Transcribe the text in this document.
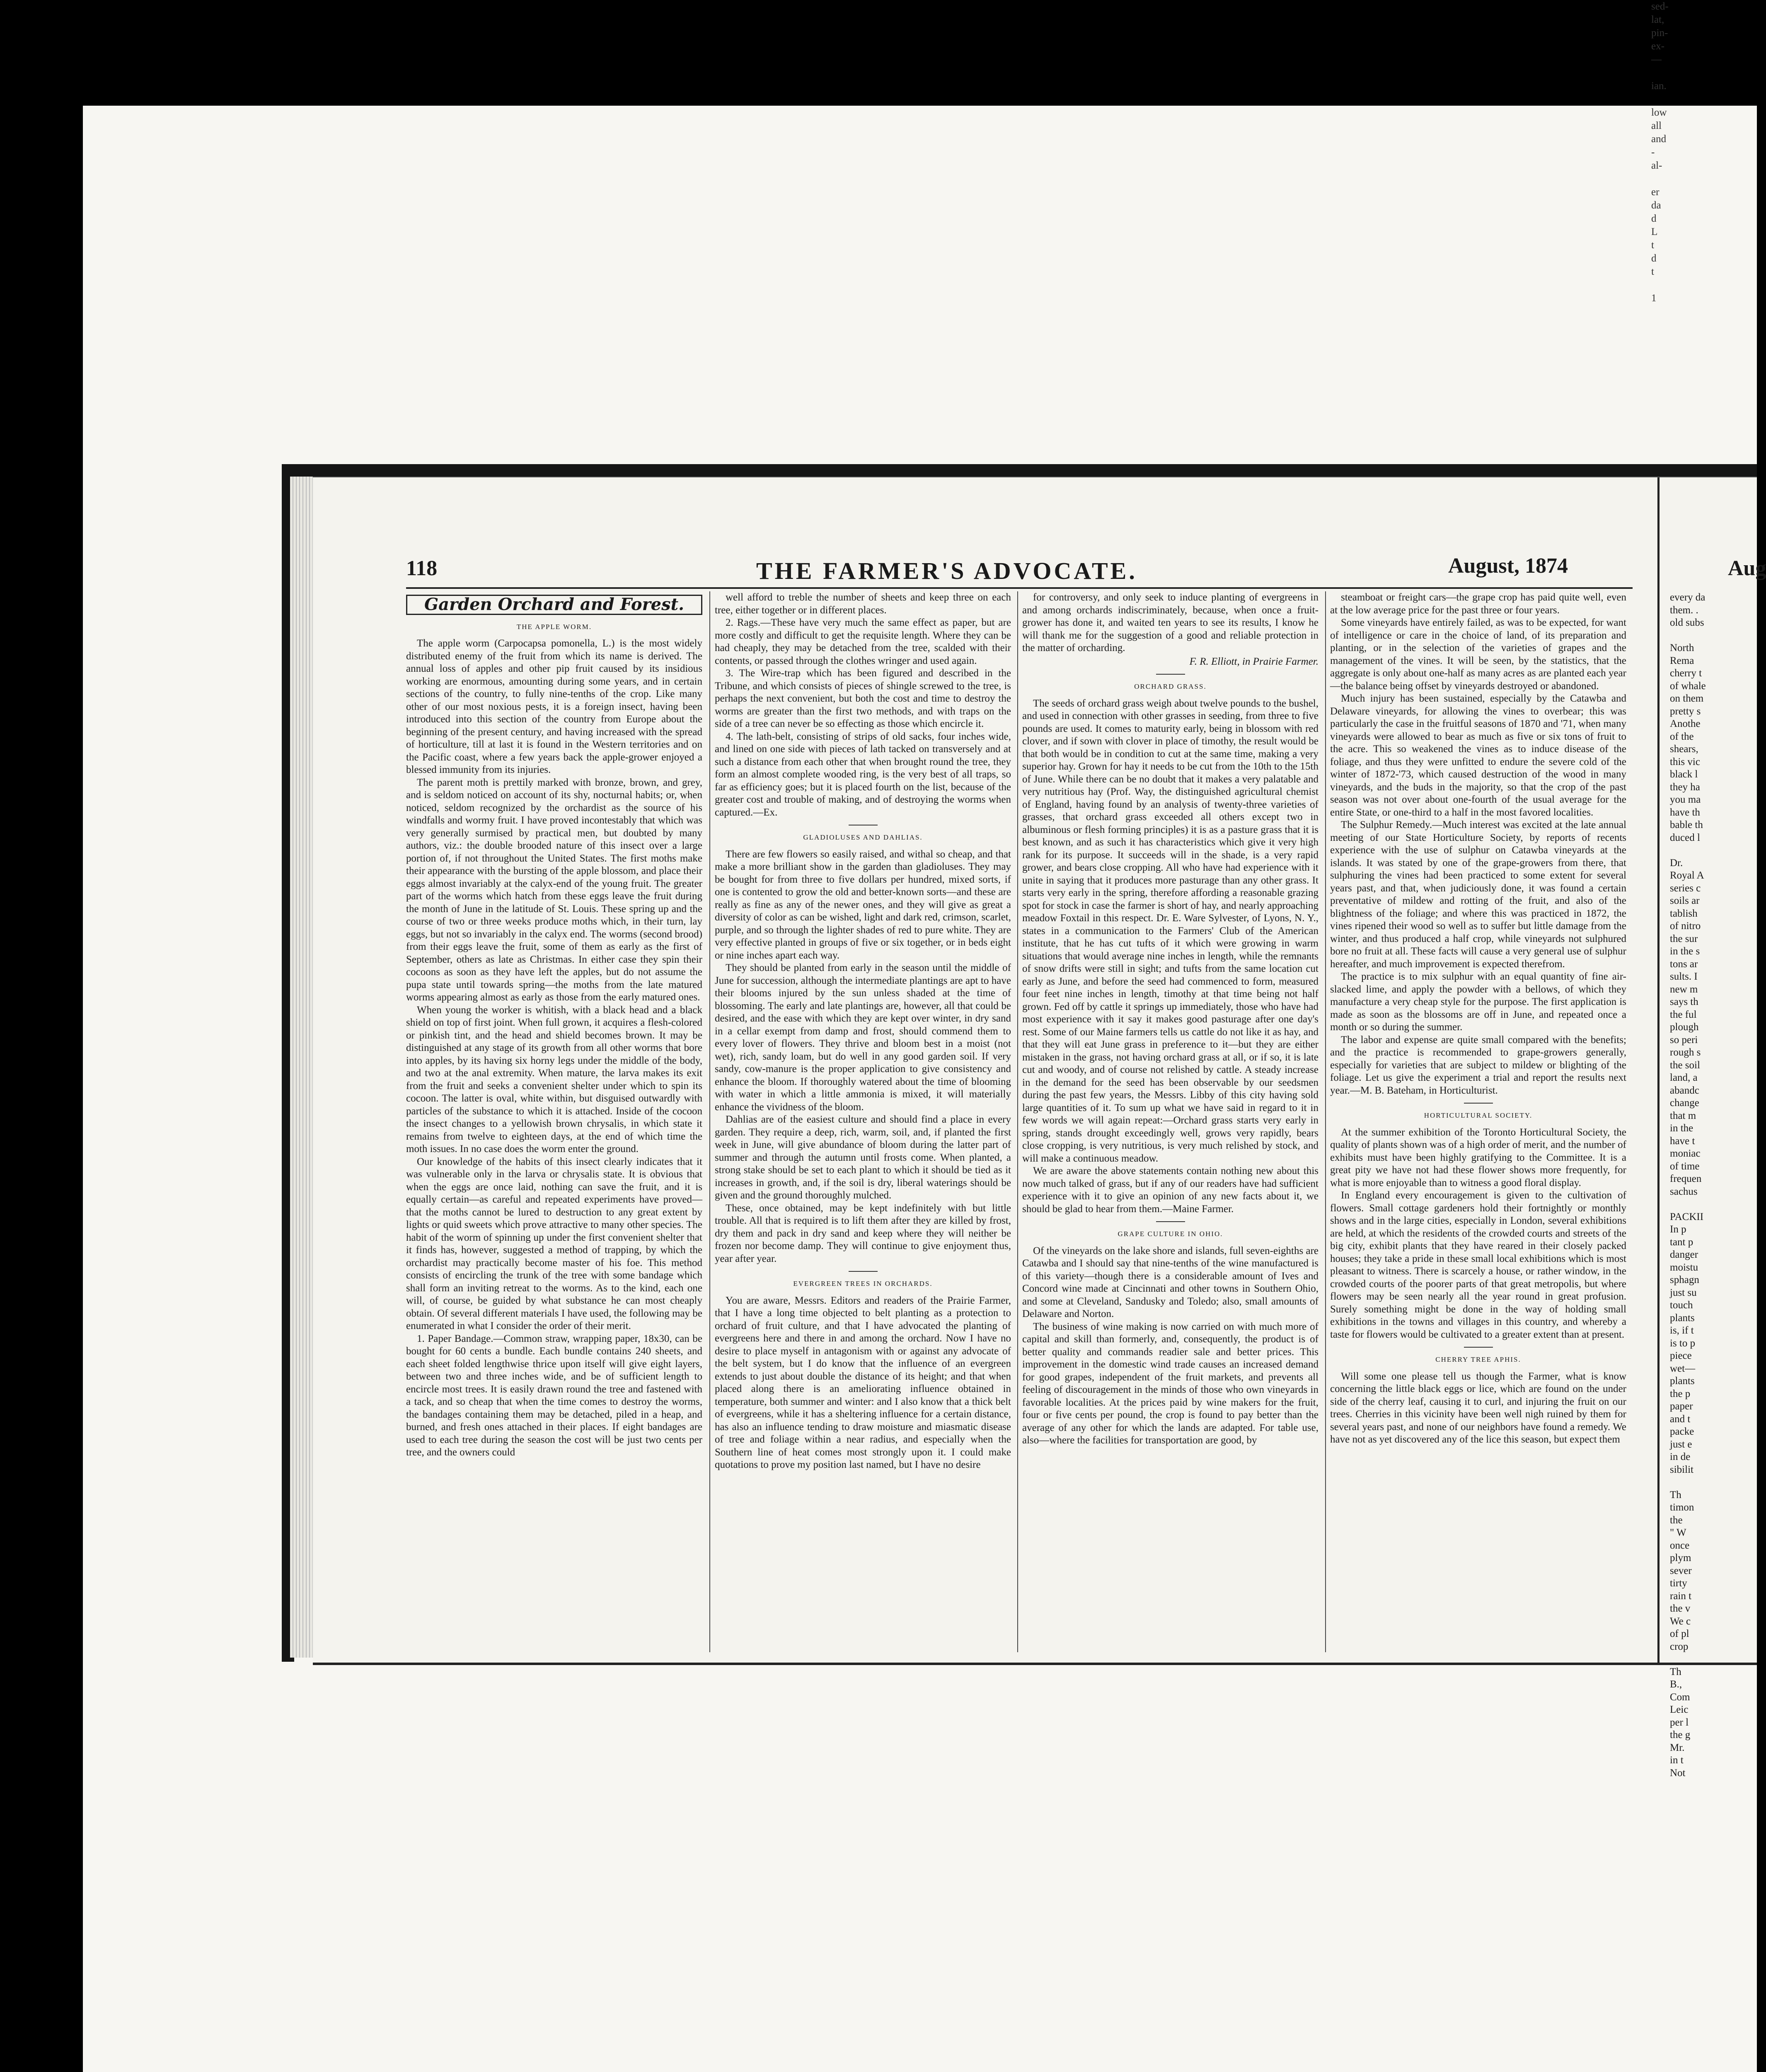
sed-
lat,
pin-
ex-
—

ian.

low
all
and
-
al-

er
da
d
L
t
d
t

1
118	THE FARMER'S ADVOCATE.	August, 1874
Garden Orchard and Forest.

THE APPLE WORM.

The apple worm (Carpocapsa pomonella, L.) is the most widely distributed enemy of the fruit from which its name is derived. The annual loss of apples and other pip fruit caused by its insidious working are enormous, amounting during some years, and in certain sections of the country, to fully nine-tenths of the crop. Like many other of our most noxious pests, it is a foreign insect, having been introduced into this section of the country from Europe about the beginning of the present century, and having increased with the spread of horticulture, till at last it is found in the Western territories and on the Pacific coast, where a few years back the apple-grower enjoyed a blessed immunity from its injuries.

The parent moth is prettily marked with bronze, brown, and grey, and is seldom noticed on account of its shy, nocturnal habits; or, when noticed, seldom recognized by the orchardist as the source of his windfalls and wormy fruit. I have proved incontestably that which was very generally surmised by practical men, but doubted by many authors, viz.: the double brooded nature of this insect over a large portion of, if not throughout the United States. The first moths make their appearance with the bursting of the apple blossom, and place their eggs almost invariably at the calyx-end of the young fruit. The greater part of the worms which hatch from these eggs leave the fruit during the month of June in the latitude of St. Louis. These spring up and the course of two or three weeks produce moths which, in their turn, lay eggs, but not so invariably in the calyx end. The worms (second brood) from their eggs leave the fruit, some of them as early as the first of September, others as late as Christmas. In either case they spin their cocoons as soon as they have left the apples, but do not assume the pupa state until towards spring—the moths from the late matured worms appearing almost as early as those from the early matured ones.

When young the worker is whitish, with a black head and a black shield on top of first joint. When full grown, it acquires a flesh-colored or pinkish tint, and the head and shield becomes brown. It may be distinguished at any stage of its growth from all other worms that bore into apples, by its having six horny legs under the middle of the body, and two at the anal extremity. When mature, the larva makes its exit from the fruit and seeks a convenient shelter under which to spin its cocoon. The latter is oval, white within, but disguised outwardly with particles of the substance to which it is attached. Inside of the cocoon the insect changes to a yellowish brown chrysalis, in which state it remains from twelve to eighteen days, at the end of which time the moth issues. In no case does the worm enter the ground.

Our knowledge of the habits of this insect clearly indicates that it was vulnerable only in the larva or chrysalis state. It is obvious that when the eggs are once laid, nothing can save the fruit, and it is equally certain—as careful and repeated experiments have proved—that the moths cannot be lured to destruction to any great extent by lights or quid sweets which prove attractive to many other species. The habit of the worm of spinning up under the first convenient shelter that it finds has, however, suggested a method of trapping, by which the orchardist may practically become master of his foe. This method consists of encircling the trunk of the tree with some bandage which shall form an inviting retreat to the worms. As to the kind, each one will, of course, be guided by what substance he can most cheaply obtain. Of several different materials I have used, the following may be enumerated in what I consider the order of their merit.

1. Paper Bandage.—Common straw, wrapping paper, 18x30, can be bought for 60 cents a bundle. Each bundle contains 240 sheets, and each sheet folded lengthwise thrice upon itself will give eight layers, between two and three inches wide, and be of sufficient length to encircle most trees. It is easily drawn round the tree and fastened with a tack, and so cheap that when the time comes to destroy the worms, the bandages containing them may be detached, piled in a heap, and burned, and fresh ones attached in their places. If eight bandages are used to each tree during the season the cost will be just two cents per tree, and the owners could

well afford to treble the number of sheets and keep three on each tree, either together or in different places.

2. Rags.—These have very much the same effect as paper, but are more costly and difficult to get the requisite length. Where they can be had cheaply, they may be detached from the tree, scalded with their contents, or passed through the clothes wringer and used again.

3. The Wire-trap which has been figured and described in the Tribune, and which consists of pieces of shingle screwed to the tree, is perhaps the next convenient, but both the cost and time to destroy the worms are greater than the first two methods, and with traps on the side of a tree can never be so effecting as those which encircle it.

4. The lath-belt, consisting of strips of old sacks, four inches wide, and lined on one side with pieces of lath tacked on transversely and at such a distance from each other that when brought round the tree, they form an almost complete wooded ring, is the very best of all traps, so far as efficiency goes; but it is placed fourth on the list, because of the greater cost and trouble of making, and of destroying the worms when captured.—Ex.

GLADIOLUSES AND DAHLIAS.

There are few flowers so easily raised, and withal so cheap, and that make a more brilliant show in the garden than gladioluses. They may be bought for from three to five dollars per hundred, mixed sorts, if one is contented to grow the old and better-known sorts—and these are really as fine as any of the newer ones, and they will give as great a diversity of color as can be wished, light and dark red, crimson, scarlet, purple, and so through the lighter shades of red to pure white. They are very effective planted in groups of five or six together, or in beds eight or nine inches apart each way.

They should be planted from early in the season until the middle of June for succession, although the intermediate plantings are apt to have their blooms injured by the sun unless shaded at the time of blossoming. The early and late plantings are, however, all that could be desired, and the ease with which they are kept over winter, in dry sand in a cellar exempt from damp and frost, should commend them to every lover of flowers. They thrive and bloom best in a moist (not wet), rich, sandy loam, but do well in any good garden soil. If very sandy, cow-manure is the proper application to give consistency and enhance the bloom. If thoroughly watered about the time of blooming with water in which a little ammonia is mixed, it will materially enhance the vividness of the bloom.

Dahlias are of the easiest culture and should find a place in every garden. They require a deep, rich, warm, soil, and, if planted the first week in June, will give abundance of bloom during the latter part of summer and through the autumn until frosts come. When planted, a strong stake should be set to each plant to which it should be tied as it increases in growth, and, if the soil is dry, liberal waterings should be given and the ground thoroughly mulched.

These, once obtained, may be kept indefinitely with but little trouble. All that is required is to lift them after they are killed by frost, dry them and pack in dry sand and keep where they will neither be frozen nor become damp. They will continue to give enjoyment thus, year after year.

EVERGREEN TREES IN ORCHARDS.

You are aware, Messrs. Editors and readers of the Prairie Farmer, that I have a long time objected to belt planting as a protection to orchard of fruit culture, and that I have advocated the planting of evergreens here and there in and among the orchard. Now I have no desire to place myself in antagonism with or against any advocate of the belt system, but I do know that the influence of an evergreen extends to just about double the distance of its height; and that when placed along there is an ameliorating influence obtained in temperature, both summer and winter: and I also know that a thick belt of evergreens, while it has a sheltering influence for a certain distance, has also an influence tending to draw moisture and miasmatic disease of tree and foliage within a near radius, and especially when the Southern line of heat comes most strongly upon it. I could make quotations to prove my position last named, but I have no desire

for controversy, and only seek to induce planting of evergreens in and among orchards indiscriminately, because, when once a fruit-grower has done it, and waited ten years to see its results, I know he will thank me for the suggestion of a good and reliable protection in the matter of orcharding.

F. R. Elliott, in Prairie Farmer.

ORCHARD GRASS.

The seeds of orchard grass weigh about twelve pounds to the bushel, and used in connection with other grasses in seeding, from three to five pounds are used. It comes to maturity early, being in blossom with red clover, and if sown with clover in place of timothy, the result would be that both would be in condition to cut at the same time, making a very superior hay. Grown for hay it needs to be cut from the 10th to the 15th of June. While there can be no doubt that it makes a very palatable and very nutritious hay (Prof. Way, the distinguished agricultural chemist of England, having found by an analysis of twenty-three varieties of grasses, that orchard grass exceeded all others except two in albuminous or flesh forming principles) it is as a pasture grass that it is best known, and as such it has characteristics which give it very high rank for its purpose. It succeeds will in the shade, is a very rapid grower, and bears close cropping. All who have had experience with it unite in saying that it produces more pasturage than any other grass. It starts very early in the spring, therefore affording a reasonable grazing spot for stock in case the farmer is short of hay, and nearly approaching meadow Foxtail in this respect. Dr. E. Ware Sylvester, of Lyons, N. Y., states in a communication to the Farmers' Club of the American institute, that he has cut tufts of it which were growing in warm situations that would average nine inches in length, while the remnants of snow drifts were still in sight; and tufts from the same location cut early as June, and before the seed had commenced to form, measured four feet nine inches in length, timothy at that time being not half grown. Fed off by cattle it springs up immediately, those who have had most experience with it say it makes good pasturage after one day's rest. Some of our Maine farmers tells us cattle do not like it as hay, and that they will eat June grass in preference to it—but they are either mistaken in the grass, not having orchard grass at all, or if so, it is late cut and woody, and of course not relished by cattle. A steady increase in the demand for the seed has been observable by our seedsmen during the past few years, the Messrs. Libby of this city having sold large quantities of it. To sum up what we have said in regard to it in few words we will again repeat:—Orchard grass starts very early in spring, stands drought exceedingly well, grows very rapidly, bears close cropping, is very nutritious, is very much relished by stock, and will make a continuous meadow.

We are aware the above statements contain nothing new about this now much talked of grass, but if any of our readers have had sufficient experience with it to give an opinion of any new facts about it, we should be glad to hear from them.—Maine Farmer.

GRAPE CULTURE IN OHIO.

Of the vineyards on the lake shore and islands, full seven-eighths are Catawba and I should say that nine-tenths of the wine manufactured is of this variety—though there is a considerable amount of Ives and Concord wine made at Cincinnati and other towns in Southern Ohio, and some at Cleveland, Sandusky and Toledo; also, small amounts of Delaware and Norton.

The business of wine making is now carried on with much more of capital and skill than formerly, and, consequently, the product is of better quality and commands readier sale and better prices. This improvement in the domestic wind trade causes an increased demand for good grapes, independent of the fruit markets, and prevents all feeling of discouragement in the minds of those who own vineyards in favorable localities. At the prices paid by wine makers for the fruit, four or five cents per pound, the crop is found to pay better than the average of any other for which the lands are adapted. For table use, also—where the facilities for transportation are good, by

steamboat or freight cars—the grape crop has paid quite well, even at the low average price for the past three or four years.

Some vineyards have entirely failed, as was to be expected, for want of intelligence or care in the choice of land, of its preparation and planting, or in the selection of the varieties of grapes and the management of the vines. It will be seen, by the statistics, that the aggregate is only about one-half as many acres as are planted each year—the balance being offset by vineyards destroyed or abandoned.

Much injury has been sustained, especially by the Catawba and Delaware vineyards, for allowing the vines to overbear; this was particularly the case in the fruitful seasons of 1870 and '71, when many vineyards were allowed to bear as much as five or six tons of fruit to the acre. This so weakened the vines as to induce disease of the foliage, and thus they were unfitted to endure the severe cold of the winter of 1872-'73, which caused destruction of the wood in many vineyards, and the buds in the majority, so that the crop of the past season was not over about one-fourth of the usual average for the entire State, or one-third to a half in the most favored localities.

The Sulphur Remedy.—Much interest was excited at the late annual meeting of our State Horticulture Society, by reports of recents experience with the use of sulphur on Catawba vineyards at the islands. It was stated by one of the grape-growers from there, that sulphuring the vines had been practiced to some extent for several years past, and that, when judiciously done, it was found a certain preventative of mildew and rotting of the fruit, and also of the blightness of the foliage; and where this was practiced in 1872, the vines ripened their wood so well as to suffer but little damage from the winter, and thus produced a half crop, while vineyards not sulphured bore no fruit at all. These facts will cause a very general use of sulphur hereafter, and much improvement is expected therefrom.

The practice is to mix sulphur with an equal quantity of fine air-slacked lime, and apply the powder with a bellows, of which they manufacture a very cheap style for the purpose. The first application is made as soon as the blossoms are off in June, and repeated once a month or so during the summer.

The labor and expense are quite small compared with the benefits; and the practice is recommended to grape-growers generally, especially for varieties that are subject to mildew or blighting of the foliage. Let us give the experiment a trial and report the results next year.—M. B. Bateham, in Horticulturist.

HORTICULTURAL SOCIETY.

At the summer exhibition of the Toronto Horticultural Society, the quality of plants shown was of a high order of merit, and the number of exhibits must have been highly gratifying to the Committee. It is a great pity we have not had these flower shows more frequently, for what is more enjoyable than to witness a good floral display.

In England every encouragement is given to the cultivation of flowers. Small cottage gardeners hold their fortnightly or monthly shows and in the large cities, especially in London, several exhibitions are held, at which the residents of the crowded courts and streets of the big city, exhibit plants that they have reared in their closely packed houses; they take a pride in these small local exhibitions which is most pleasant to witness. There is scarcely a house, or rather window, in the crowded courts of the poorer parts of that great metropolis, but where flowers may be seen nearly all the year round in great profusion. Surely something might be done in the way of holding small exhibitions in the towns and villages in this country, and whereby a taste for flowers would be cultivated to a greater extent than at present.

CHERRY TREE APHIS.

Will some one please tell us though the Farmer, what is know concerning the little black eggs or lice, which are found on the under side of the cherry leaf, causing it to curl, and injuring the fruit on our trees. Cherries in this vicinity have been well nigh ruined by them for several years past, and none of our neighbors have found a remedy. We have not as yet discovered any of the lice this season, but expect them

Aug
every da
them. .
old subs

North
Rema
cherry t
of whale
on them
pretty s
Anothe
of the
shears,
this vic
black l
they ha
you ma
have th
bable th
duced l

Dr.
Royal A
series c
soils ar
tablish
of nitro
the sur
in the s
tons ar
sults. I
new m
says th
the ful
plough
so peri
rough s
the soil
land, a
abandc
change
that m
in the
have t
moniac
of time
frequen
sachus

PACKII
In p
tant p
danger
moistu
sphagn
just su
touch
plants
is, if t
is to p
piece
wet—
plants
the p
paper
and t
packe
just e
in de
sibilit

Th
timon
the
" W
once
plym
sever
tirty
rain t
the v
We c
of pl
crop

Th
B.,
Com
Leic
per l
the g
Mr.
in t
Not
